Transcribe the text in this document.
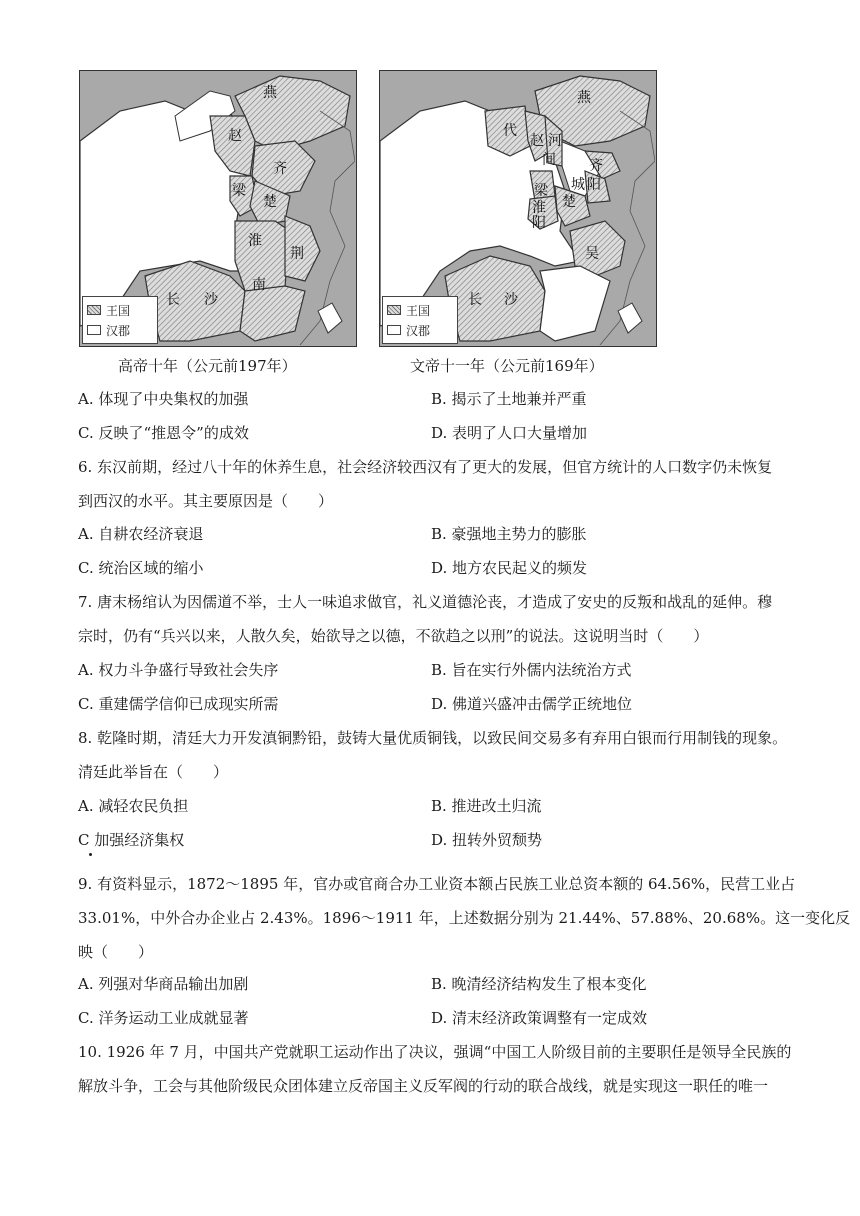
燕
赵
齐
梁
楚
淮
荆
南
长 沙
王国
汉郡
高帝十年（公元前197年）
燕
代
赵 河
间 齐
城 阳
梁
淮
阳
楚
吴
长 沙
王国
汉郡
文帝十一年（公元前169年）
A. 体现了中央集权的加强	B. 揭示了土地兼并严重
C. 反映了“推恩令”的成效	D. 表明了人口大量增加
6. 东汉前期，经过八十年的休养生息，社会经济较西汉有了更大的发展，但官方统计的人口数字仍未恢复
到西汉的水平。其主要原因是（　　）
A. 自耕农经济衰退	B. 豪强地主势力的膨胀
C. 统治区域的缩小	D. 地方农民起义的频发
7. 唐末杨绾认为因儒道不举，士人一味追求做官，礼义道德沦丧，才造成了安史的反叛和战乱的延伸。穆
宗时，仍有“兵兴以来，人散久矣，始欲导之以德，不欲趋之以刑”的说法。这说明当时（　　）
A. 权力斗争盛行导致社会失序	B. 旨在实行外儒内法统治方式
C. 重建儒学信仰已成现实所需	D. 佛道兴盛冲击儒学正统地位
8. 乾隆时期，清廷大力开发滇铜黔铅，鼓铸大量优质铜钱，以致民间交易多有弃用白银而行用制钱的现象。
清廷此举旨在（　　）
A. 减轻农民负担	B. 推进改土归流
C 加强经济集权	D. 扭转外贸颓势
9. 有资料显示，1872～1895 年，官办或官商合办工业资本额占民族工业总资本额的 64.56%，民营工业占
33.01%，中外合办企业占 2.43%。1896～1911 年，上述数据分别为 21.44%、57.88%、20.68%。这一变化反
映（　　）
A. 列强对华商品输出加剧	B. 晚清经济结构发生了根本变化
C. 洋务运动工业成就显著	D. 清末经济政策调整有一定成效
10. 1926 年 7 月，中国共产党就职工运动作出了决议，强调“中国工人阶级目前的主要职任是领导全民族的
解放斗争，工会与其他阶级民众团体建立反帝国主义反军阀的行动的联合战线，就是实现这一职任的唯一
